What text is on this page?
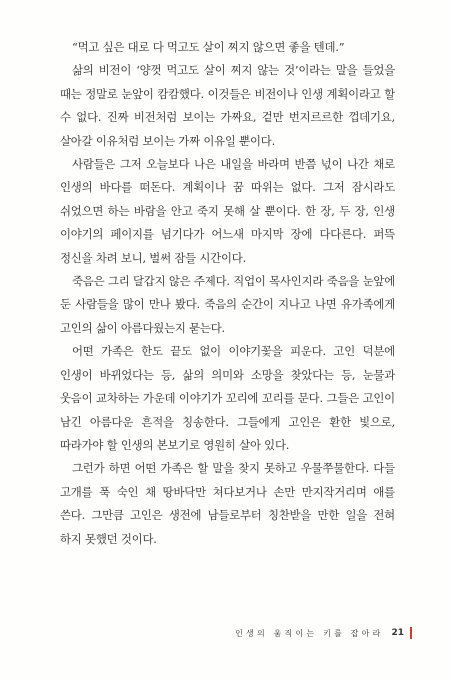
“먹고 싶은 대로 다 먹고도 살이 찌지 않으면 좋을 텐데.”

삶의 비전이 ‘양껏 먹고도 살이 찌지 않는 것’이라는 말을 들었을 때는 정말로 눈앞이 캄캄했다. 이것들은 비전이나 인생 계획이라고 할 수 없다. 진짜 비전처럼 보이는 가짜요, 겉만 번지르르한 껍데기요, 살아갈 이유처럼 보이는 가짜 이유일 뿐이다.

사람들은 그저 오늘보다 나은 내일을 바라며 반쯤 넋이 나간 채로 인생의 바다를 떠돈다. 계획이나 꿈 따위는 없다. 그저 잠시라도 쉬었으면 하는 바람을 안고 죽지 못해 살 뿐이다. 한 장, 두 장, 인생 이야기의 페이지를 넘기다가 어느새 마지막 장에 다다른다. 퍼뜩 정신을 차려 보니, 벌써 잠들 시간이다.

죽음은 그리 달갑지 않은 주제다. 직업이 목사인지라 죽음을 눈앞에 둔 사람들을 많이 만나 봤다. 죽음의 순간이 지나고 나면 유가족에게 고인의 삶이 아름다웠는지 묻는다.

어떤 가족은 한도 끝도 없이 이야기꽃을 피운다. 고인 덕분에 인생이 바뀌었다는 등, 삶의 의미와 소망을 찾았다는 등, 눈물과 웃음이 교차하는 가운데 이야기가 꼬리에 꼬리를 문다. 그들은 고인이 남긴 아름다운 흔적을 칭송한다. 그들에게 고인은 환한 빛으로, 따라가야 할 인생의 본보기로 영원히 살아 있다.

그런가 하면 어떤 가족은 할 말을 찾지 못하고 우물쭈물한다. 다들 고개를 푹 숙인 채 땅바닥만 쳐다보거나 손만 만지작거리며 애를 쓴다. 그만큼 고인은 생전에 남들로부터 칭찬받을 만한 일을 전혀 하지 못했던 것이다.

인생의 움직이는 키를 잡아라 21
